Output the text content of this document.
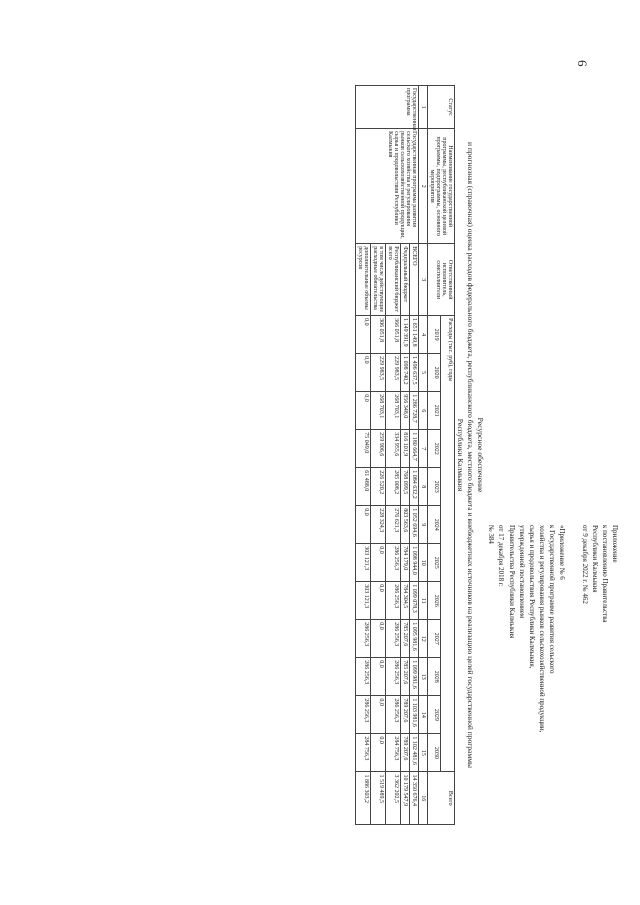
6
Приложение
к постановлению Правительства
Республики Калмыкия
от 9 декабря 2022 г. № 462

«Приложение № 6
к Государственной программе развития сельского
хозяйства и регулирования рынков сельскохозяйственной продукции,
сырья и продовольствия Республики Калмыкия,
утвержденной постановлением
Правительства Республики Калмыкия
от 17 декабря 2018 г.
№ 384
Ресурсное обеспечение
и прогнозная (справочная) оценка расходов федерального бюджета, республиканского бюджета, местного бюджета и внебюджетных источников на реализацию целей государственной программы
Республики Калмыкия
Статус	Наименование государственной программы, республиканской целевой программы, подпрограммы, основного мероприятия	Ответственный исполнитель, соисполнители	Расходы (тыс. руб), годы												Всего
			2019	2020	2021	2022	2023	2024	2025	2026	2027	2028	2029	2030	
1	2	3	4	5	6	7	8	9	10	11	12	13	14	15	16
Государственная программа	Государственная программа развития сельского хозяйства и регулирования рынков сельскохозяйственной продукции, сырья и продовольствия Республики Калмыкия	ВСЕГО	1 651 149,8	1 496 637,5	1 286 728,7	1 180 664,7	1 084 632,2	1 052 694,6	1 098 944,0	1 099 078,3	1 095 981,6	1 099 981,6	1 103 981,6	1 102 481,6	14 350 676,4
		Федеральный бюджет	1 149 391,9	1 098 740,2	956 348,0	816 101,9	768 099,5	803 563,6	784 179,0	784 304,5	785 207,6	785 207,6	789 207,6	789 207,6	10 179 547,9
		Республиканский бюджет всего	366 051,8	229 983,5	268 703,1	334 955,6	285 008,2	276 621,3	286 256,3	286 256,3	286 256,3	286 256,3	286 256,3	284 756,3	3 362 202,5
		в том числе действующие расходные обязательства	306 051,8	229 983,5	268 703,1	259 906,6	226 520,2	228 324,3	0,0	0,0	0,0	0,0	0,0	0,0	1 519 489,5
		дополнительные объемы ресурсов	0,0	0,0	0,0	75 049,0	61 488,0	0,0	303 121,3	303 121,3	286 256,3	286 256,3	286 256,3	284 756,3	1 886 303,2
